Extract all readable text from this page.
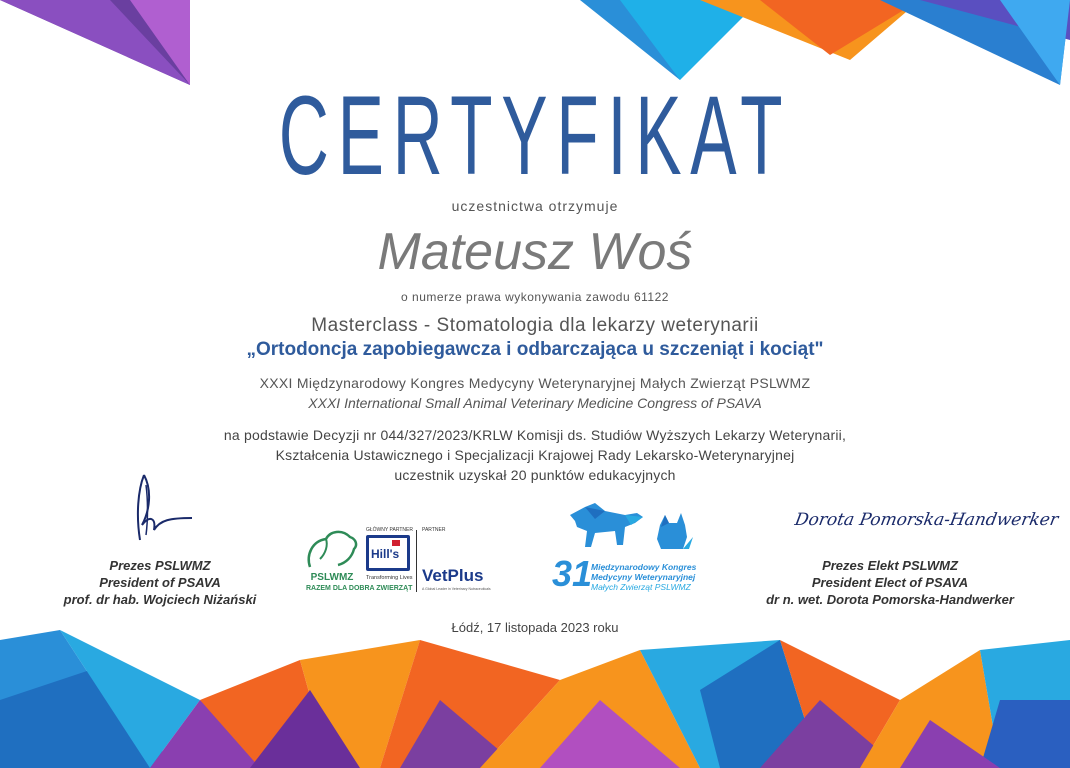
CERTYFIKAT
uczestnictwa otrzymuje
Mateusz Woś
o numerze prawa wykonywania zawodu 61122
Masterclass - Stomatologia dla lekarzy weterynarii
„Ortodoncja zapobiegawcza i odbarczająca u szczeniąt i kociąt"
XXXI Międzynarodowy Kongres Medycyny Weterynaryjnej Małych Zwierząt PSLWMZ
XXXI International Small Animal Veterinary Medicine Congress of PSAVA
na podstawie Decyzji nr 044/327/2023/KRLW Komisji ds. Studiów Wyższych Lekarzy Weterynarii,
Kształcenia Ustawicznego i Specjalizacji Krajowej Rady Lekarsko-Weterynaryjnej
uczestnik uzyskał 20 punktów edukacyjnych
Prezes PSLWMZ
President of PSAVA
prof. dr hab. Wojciech Niżański
Dorota Pomorska-Handwerker
Prezes Elekt PSLWMZ
President Elect of PSAVA
dr n. wet. Dorota Pomorska-Handwerker
PSLWMZ
RAZEM DLA DOBRA ZWIERZĄT
GŁÓWNY PARTNER
Hill's
Transforming Lives
PARTNER
VetPlus
A Global Leader in Veterinary Nutraceuticals 31
Międzynarodowy Kongres
Medycyny Weterynaryjnej
Małych Zwierząt PSLWMZ
Łódź, 17 listopada 2023 roku
